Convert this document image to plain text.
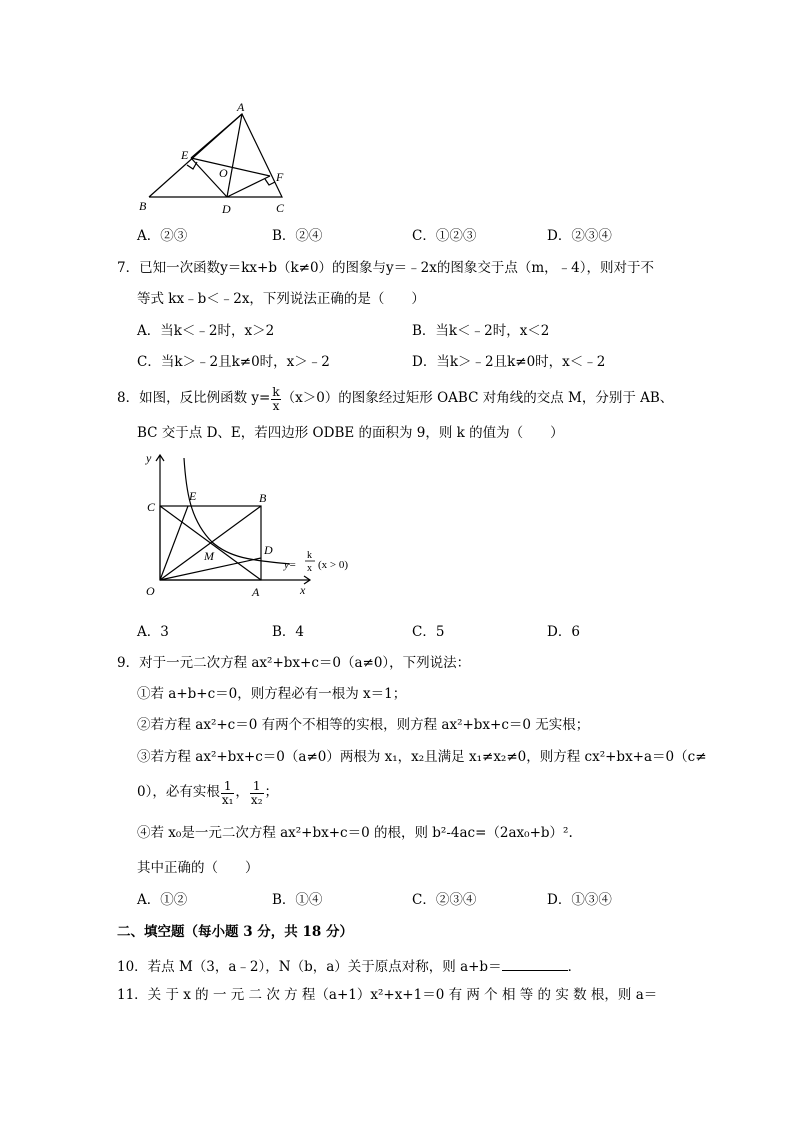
A
B	C
D
E
F
O
A．②③	B．②④	C．①②③	D．②③④
7．已知一次函数y＝kx+b（k≠0）的图象与y＝﹣2x的图象交于点（m，﹣4），则对于不
等式 kx﹣b＜﹣2x，下列说法正确的是（　　）
A．当k＜﹣2时，x＞2	B．当k＜﹣2时，x＜2
C．当k＞﹣2且k≠0时，x＞﹣2	D．当k＞﹣2且k≠0时，x＜﹣2
8．如图，反比例函数 $y= \frac{k}{x} (x>0)$的图象经过矩形 OABC 对角线的交点 M，分别于 AB、
BC 交于点 D、E，若四边形 ODBE 的面积为 9，则 k 的值为（　　）
y
x
O	A
B
C
D
E
M
y=
k
x (x > 0)
A．3	B．4	C．5	D．6
9．对于一元二次方程 ax²+bx+c＝0（a≠0），下列说法：
①若 a+b+c＝0，则方程必有一根为 x＝1；
②若方程 ax²+c＝0 有两个不相等的实根，则方程 ax²+bx+c＝0 无实根；
③若方程 ax²+bx+c＝0（a≠0）两根为 x₁，x₂且满足 x₁≠x₂≠0，则方程 cx²+bx+a＝0（c≠
0），必有实根 $\frac{1}{\text{x₁}}$ ， $\frac{1}{\text{x₂}}$ ；
④若 x₀是一元二次方程 ax²+bx+c＝0 的根，则 b²-4ac=（2ax₀+b）².
其中正确的（　　）
A．①②	B．①④	C．②③④	D．①③④
二、填空题（每小题 3 分，共 18 分）
10．若点 M（3，a﹣2），N（b，a）关于原点对称，则 a+b＝	．
11．关 于 x 的 一 元 二 次 方 程（a+1）x²+x+1＝0 有 两 个 相 等 的 实 数 根，则 a＝
